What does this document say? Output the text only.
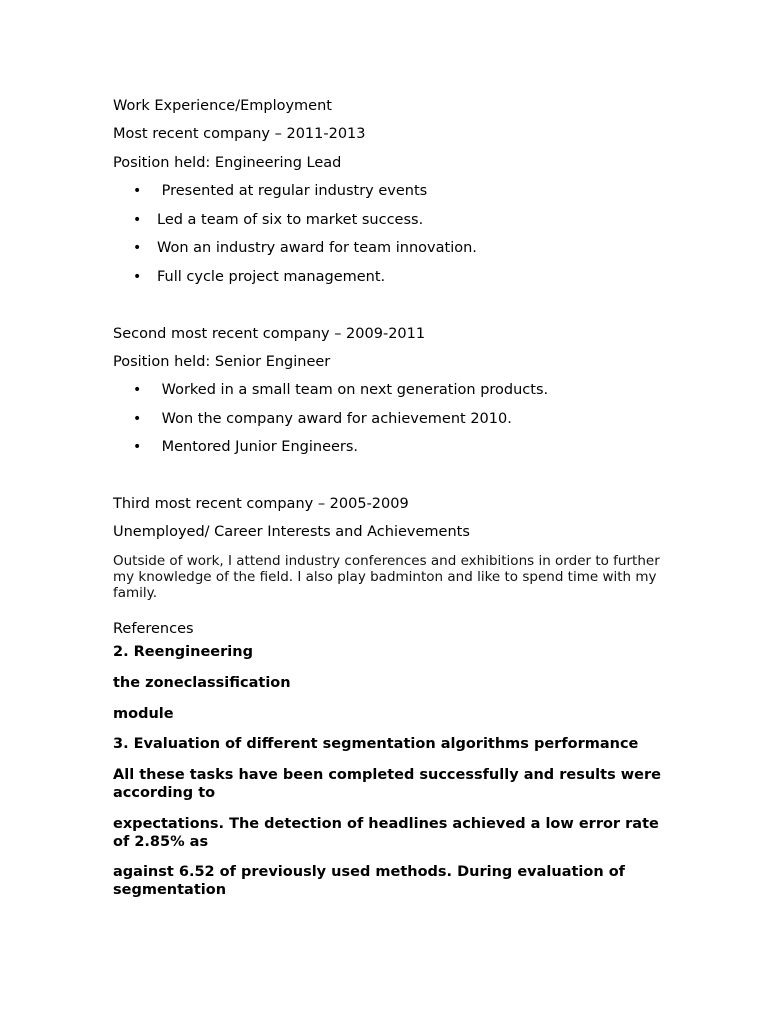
Work Experience/Employment

Most recent company – 2011-2013

Position held: Engineering Lead

• Presented at regular industry events
• Led a team of six to market success.
• Won an industry award for team innovation.
• Full cycle project management.

Second most recent company – 2009-2011

Position held: Senior Engineer

• Worked in a small team on next generation products.
• Won the company award for achievement 2010.
• Mentored Junior Engineers.

Third most recent company – 2005-2009

Unemployed/ Career Interests and Achievements

Outside of work, I attend industry conferences and exhibitions in order to further my knowledge of the field. I also play badminton and like to spend time with my family.

References

2. Reengineering

the zoneclassification

module

3. Evaluation of different segmentation algorithms performance

All these tasks have been completed successfully and results were according to

expectations. The detection of headlines achieved a low error rate of 2.85% as

against 6.52 of previously used methods. During evaluation of segmentation
